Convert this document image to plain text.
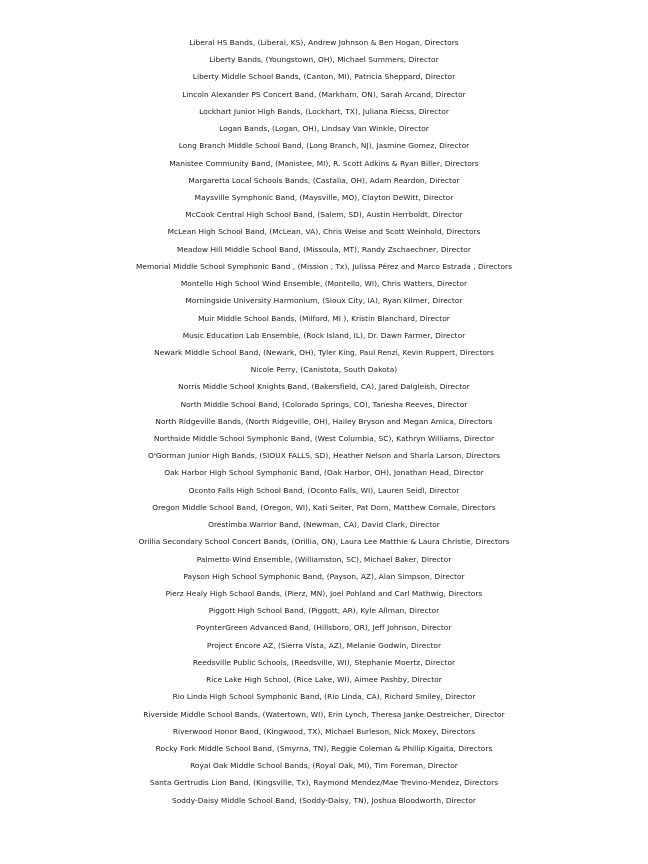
Liberal HS Bands, (Liberal, KS), Andrew Johnson & Ben Hogan, Directors
Liberty Bands, (Youngstown, OH), Michael Summers, Director
Liberty Middle School Bands, (Canton, MI), Patricia Sheppard, Director
Lincoln Alexander PS Concert Band, (Markham, ON), Sarah Arcand, Director
Lockhart Junior High Bands, (Lockhart, TX), Juliana Riecss, Director
Logan Bands, (Logan, OH), Lindsay Van Winkle, Director
Long Branch Middle School Band, (Long Branch, NJ), Jasmine Gomez, Director
Manistee Community Band, (Manistee, MI), R. Scott Adkins & Ryan Biller, Directors
Margaretta Local Schools Bands, (Castalia, OH), Adam Reardon, Director
Maysville Symphonic Band, (Maysville, MO), Clayton DeWitt, Director
McCook Central High School Band, (Salem, SD), Austin Herrboldt, Director
McLean High School Band, (McLean, VA), Chris Weise and Scott Weinhold, Directors
Meadow Hill Middle School Band, (Missoula, MT), Randy Zschaechner, Director
Memorial Middle School Symphonic Band , (Mission , Tx), Julissa Pérez and Marco Estrada , Directors
Montello High School Wind Ensemble, (Montello, WI), Chris Watters, Director
Morningside University Harmonium, (Sioux City, IA), Ryan Kilmer, Director
Muir Middle School Bands, (Milford, MI ), Kristin Blanchard, Director
Music Education Lab Ensemble, (Rock Island, IL), Dr. Dawn Farmer, Director
Newark Middle School Band, (Newark, OH), Tyler King, Paul Renzi, Kevin Ruppert, Directors
Nicole Perry, (Canistota, South Dakota)
Norris Middle School Knights Band, (Bakersfield, CA), Jared Dalgleish, Director
North Middle School Band, (Colorado Springs, CO), Tanesha Reeves, Director
North Ridgeville Bands, (North Ridgeville, OH), Hailey Bryson and Megan Amica, Directors
Northside Middle School Symphonic Band, (West Columbia, SC), Kathryn Williams, Director
O'Gorman Junior High Bands, (SIOUX FALLS, SD), Heather Nelson and Sharla Larson, Directors
Oak Harbor High School Symphonic Band, (Oak Harbor, OH), Jonathan Head, Director
Oconto Falls High School Band, (Oconto Falls, WI), Lauren Seidl, Director
Oregon Middle School Band, (Oregon, WI), Kati Seiter, Pat Dorn, Matthew Cornale, Directors
Orestimba Warrior Band, (Newman, CA), David Clark, Director
Orillia Secondary School Concert Bands, (Orillia, ON), Laura Lee Matthie & Laura Christie, Directors
Palmetto Wind Ensemble, (Williamston, SC), Michael Baker, Director
Payson High School Symphonic Band, (Payson, AZ), Alan Simpson, Director
Pierz Healy High School Bands, (Pierz, MN), Joel Pohland and Carl Mathwig, Directors
Piggott High School Band, (Piggott, AR), Kyle Allman, Director
PoynterGreen Advanced Band, (Hillsboro, OR), Jeff Johnson, Director
Project Encore AZ, (Sierra Vista, AZ), Melanie Godwin, Director
Reedsville Public Schools, (Reedsville, WI), Stephanie Moertz, Director
Rice Lake High School, (Rice Lake, WI), Aimee Pashby, Director
Rio Linda High School Symphonic Band, (Rio Linda, CA), Richard Smiley, Director
Riverside Middle School Bands, (Watertown, WI), Erin Lynch, Theresa Janke Oestreicher, Director
Riverwood Honor Band, (Kingwood, TX), Michael Burleson, Nick Moxey, Directors
Rocky Fork Middle School Band, (Smyrna, TN), Reggie Coleman & Phillip Kigaita, Directors
Royal Oak Middle School Bands, (Royal Oak, MI), Tim Foreman, Director
Santa Gertrudis Lion Band, (Kingsville, Tx), Raymond Mendez/Mae Trevino-Mendez, Directors
Soddy-Daisy Middle School Band, (Soddy-Daisy, TN), Joshua Bloodworth, Director
